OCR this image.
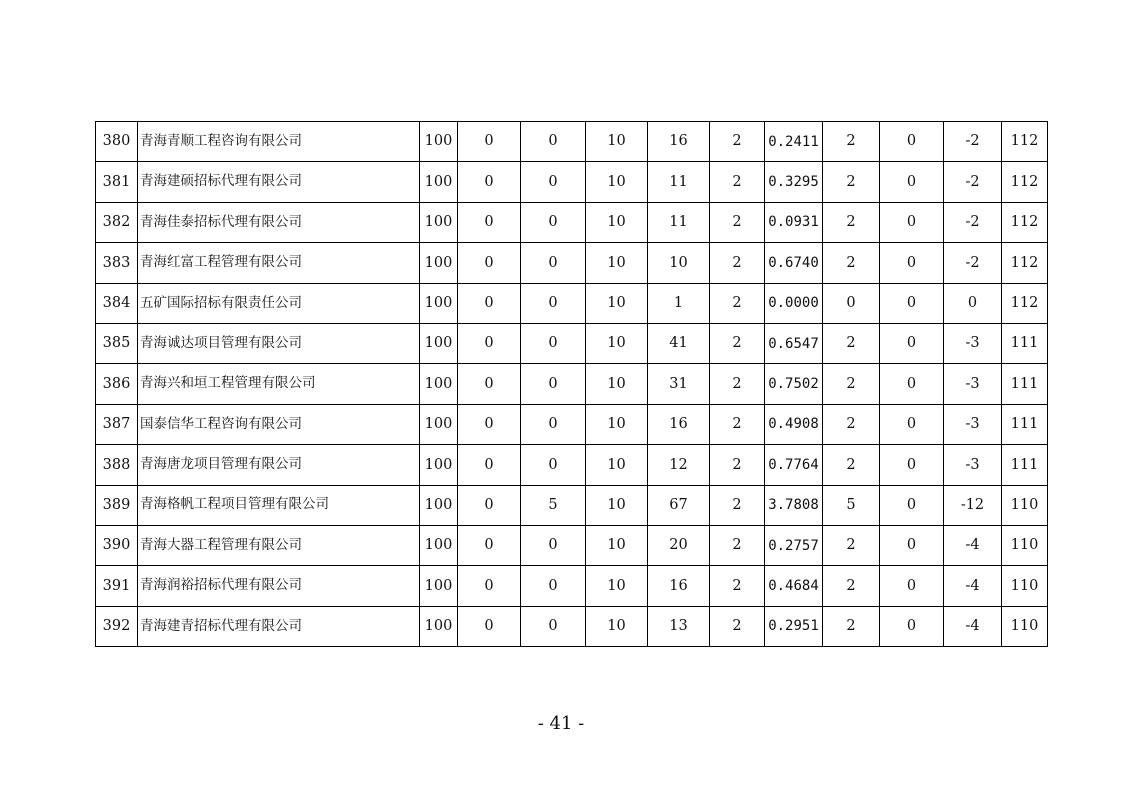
380	青海青顺工程咨询有限公司	100	0	0	10	16	2	0.2411	2	0	-2	112
381	青海建硕招标代理有限公司	100	0	0	10	11	2	0.3295	2	0	-2	112
382	青海佳泰招标代理有限公司	100	0	0	10	11	2	0.0931	2	0	-2	112
383	青海红富工程管理有限公司	100	0	0	10	10	2	0.6740	2	0	-2	112
384	五矿国际招标有限责任公司	100	0	0	10	1	2	0.0000	0	0	0	112
385	青海诚达项目管理有限公司	100	0	0	10	41	2	0.6547	2	0	-3	111
386	青海兴和垣工程管理有限公司	100	0	0	10	31	2	0.7502	2	0	-3	111
387	国泰信华工程咨询有限公司	100	0	0	10	16	2	0.4908	2	0	-3	111
388	青海唐龙项目管理有限公司	100	0	0	10	12	2	0.7764	2	0	-3	111
389	青海格帆工程项目管理有限公司	100	0	5	10	67	2	3.7808	5	0	-12	110
390	青海大器工程管理有限公司	100	0	0	10	20	2	0.2757	2	0	-4	110
391	青海润裕招标代理有限公司	100	0	0	10	16	2	0.4684	2	0	-4	110
392	青海建青招标代理有限公司	100	0	0	10	13	2	0.2951	2	0	-4	110
- 41 -
